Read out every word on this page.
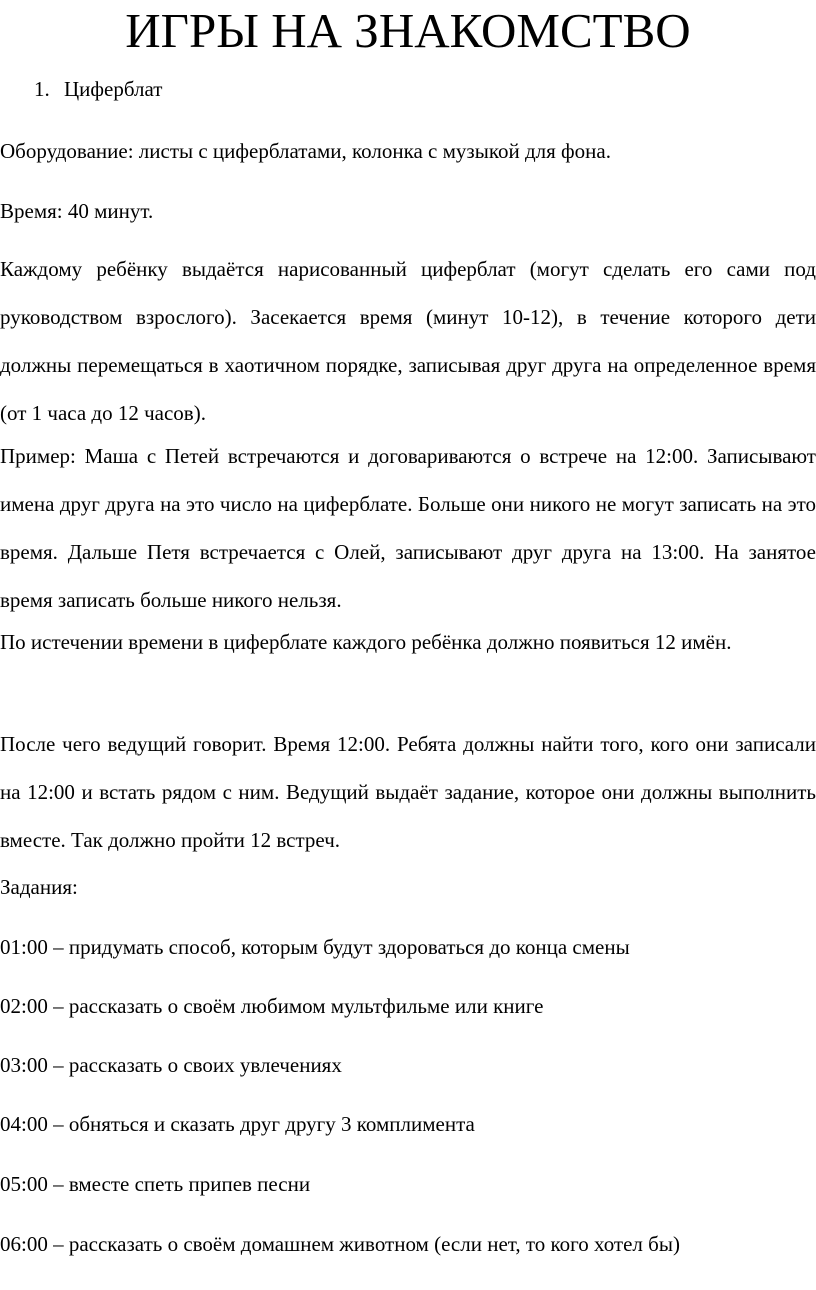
ИГРЫ НА ЗНАКОМСТВО
1. Циферблат

Оборудование: листы с циферблатами, колонка с музыкой для фона.

Время: 40 минут.

Каждому ребёнку выдаётся нарисованный циферблат (могут сделать его сами под руководством взрослого). Засекается время (минут 10-12), в течение которого дети должны перемещаться в хаотичном порядке, записывая друг друга на определенное время (от 1 часа до 12 часов).

Пример: Маша с Петей встречаются и договариваются о встрече на 12:00. Записывают имена друг друга на это число на циферблате. Больше они никого не могут записать на это время. Дальше Петя встречается с Олей, записывают друг друга на 13:00. На занятое время записать больше никого нельзя.

По истечении времени в циферблате каждого ребёнка должно появиться 12 имён.

После чего ведущий говорит. Время 12:00. Ребята должны найти того, кого они записали на 12:00 и встать рядом с ним. Ведущий выдаёт задание, которое они должны выполнить вместе. Так должно пройти 12 встреч.

Задания:

01:00 – придумать способ, которым будут здороваться до конца смены

02:00 – рассказать о своём любимом мультфильме или книге

03:00 – рассказать о своих увлечениях

04:00 – обняться и сказать друг другу 3 комплимента

05:00 – вместе спеть припев песни

06:00 – рассказать о своём домашнем животном (если нет, то кого хотел бы)
